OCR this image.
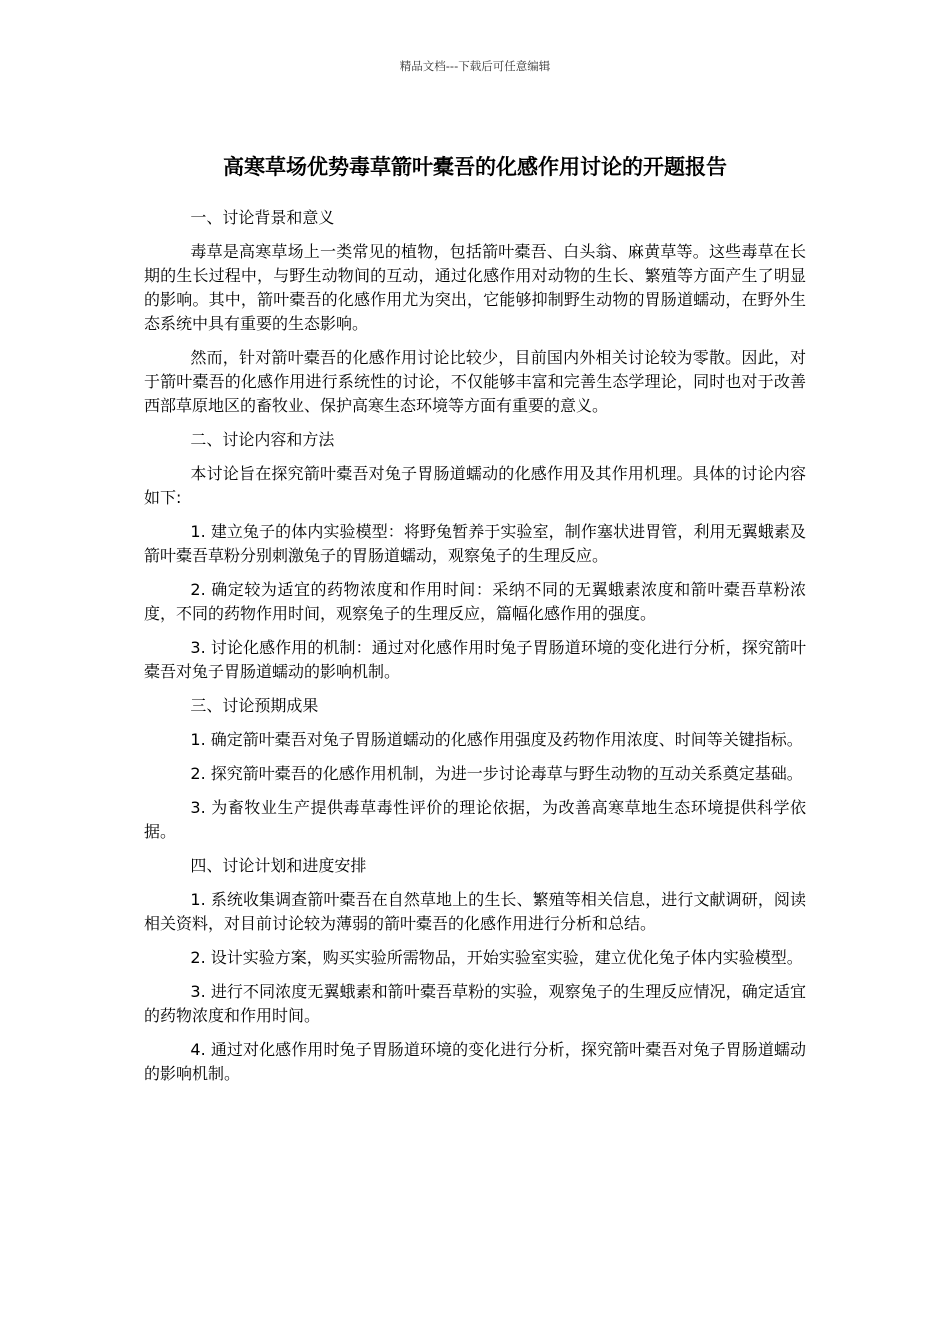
精品文档---下载后可任意编辑
高寒草场优势毒草箭叶橐吾的化感作用讨论的开题报告

一、讨论背景和意义

毒草是高寒草场上一类常见的植物，包括箭叶橐吾、白头翁、麻黄草等。这些毒草在长期的生长过程中，与野生动物间的互动，通过化感作用对动物的生长、繁殖等方面产生了明显的影响。其中，箭叶橐吾的化感作用尤为突出，它能够抑制野生动物的胃肠道蠕动，在野外生态系统中具有重要的生态影响。

然而，针对箭叶橐吾的化感作用讨论比较少，目前国内外相关讨论较为零散。因此，对于箭叶橐吾的化感作用进行系统性的讨论，不仅能够丰富和完善生态学理论，同时也对于改善西部草原地区的畜牧业、保护高寒生态环境等方面有重要的意义。

二、讨论内容和方法

本讨论旨在探究箭叶橐吾对兔子胃肠道蠕动的化感作用及其作用机理。具体的讨论内容如下:

1. 建立兔子的体内实验模型：将野兔暂养于实验室，制作塞状进胃管，利用无翼蛾素及箭叶橐吾草粉分别刺激兔子的胃肠道蠕动，观察兔子的生理反应。

2. 确定较为适宜的药物浓度和作用时间：采纳不同的无翼蛾素浓度和箭叶橐吾草粉浓度，不同的药物作用时间，观察兔子的生理反应，篇幅化感作用的强度。

3. 讨论化感作用的机制：通过对化感作用时兔子胃肠道环境的变化进行分析，探究箭叶橐吾对兔子胃肠道蠕动的影响机制。

三、讨论预期成果

1. 确定箭叶橐吾对兔子胃肠道蠕动的化感作用强度及药物作用浓度、时间等关键指标。

2. 探究箭叶橐吾的化感作用机制，为进一步讨论毒草与野生动物的互动关系奠定基础。

3. 为畜牧业生产提供毒草毒性评价的理论依据，为改善高寒草地生态环境提供科学依据。

四、讨论计划和进度安排

1. 系统收集调查箭叶橐吾在自然草地上的生长、繁殖等相关信息，进行文献调研，阅读相关资料，对目前讨论较为薄弱的箭叶橐吾的化感作用进行分析和总结。

2. 设计实验方案，购买实验所需物品，开始实验室实验，建立优化兔子体内实验模型。

3. 进行不同浓度无翼蛾素和箭叶橐吾草粉的实验，观察兔子的生理反应情况，确定适宜的药物浓度和作用时间。

4. 通过对化感作用时兔子胃肠道环境的变化进行分析，探究箭叶橐吾对兔子胃肠道蠕动的影响机制。
